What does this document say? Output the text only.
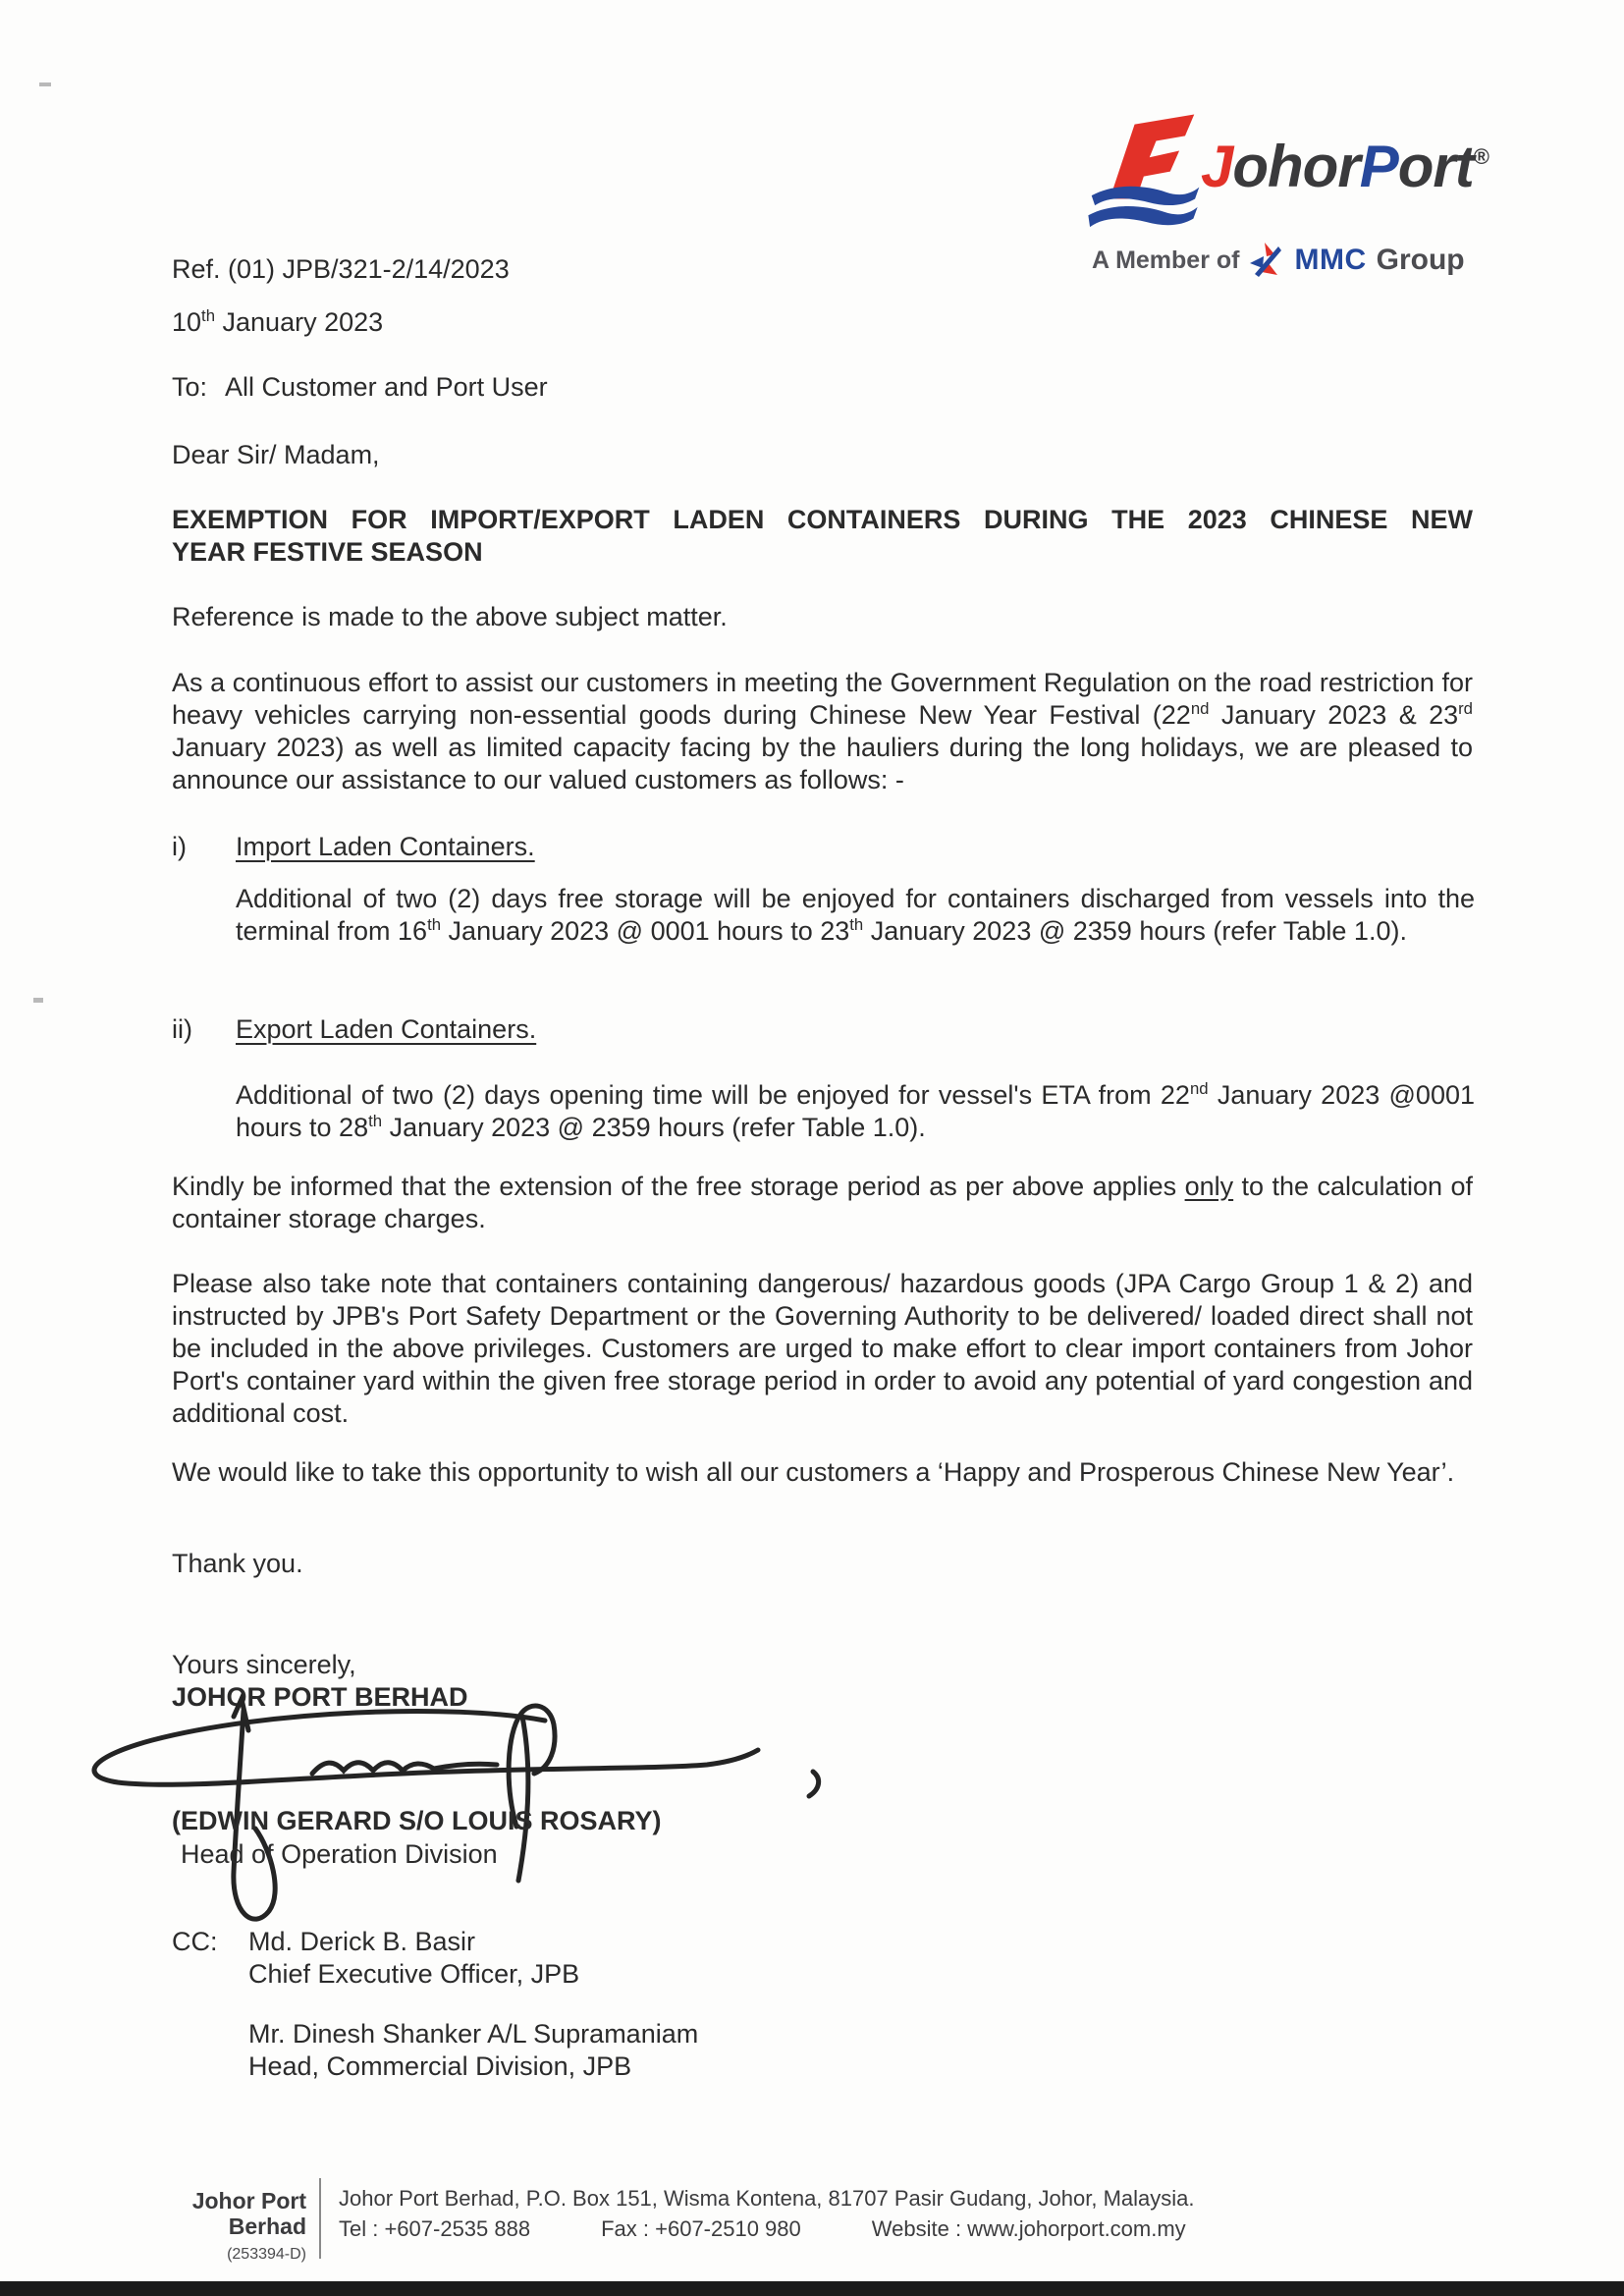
JohorPort®
A Member of MMC Group
Ref. (01) JPB/321-2/14/2023
10th January 2023
To: All Customer and Port User
Dear Sir/ Madam,
EXEMPTION FOR IMPORT/EXPORT LADEN CONTAINERS DURING THE 2023 CHINESE NEW
YEAR FESTIVE SEASON
Reference is made to the above subject matter.
As a continuous effort to assist our customers in meeting the Government Regulation on the road restriction for heavy vehicles carrying non-essential goods during Chinese New Year Festival (22nd January 2023 & 23rd January 2023) as well as limited capacity facing by the hauliers during the long holidays, we are pleased to announce our assistance to our valued customers as follows: -
i)	Import Laden Containers.
Additional of two (2) days free storage will be enjoyed for containers discharged from vessels into the terminal from 16th January 2023 @ 0001 hours to 23th January 2023 @ 2359 hours (refer Table 1.0).
ii)	Export Laden Containers.
Additional of two (2) days opening time will be enjoyed for vessel's ETA from 22nd January 2023 @0001 hours to 28th January 2023 @ 2359 hours (refer Table 1.0).
Kindly be informed that the extension of the free storage period as per above applies only to the calculation of container storage charges.
Please also take note that containers containing dangerous/ hazardous goods (JPA Cargo Group 1 & 2) and instructed by JPB's Port Safety Department or the Governing Authority to be delivered/ loaded direct shall not be included in the above privileges. Customers are urged to make effort to clear import containers from Johor Port's container yard within the given free storage period in order to avoid any potential of yard congestion and additional cost.
We would like to take this opportunity to wish all our customers a ‘Happy and Prosperous Chinese New Year’.
Thank you.
Yours sincerely,
JOHOR PORT BERHAD
(EDWIN GERARD S/O LOUIS ROSARY)
Head of Operation Division
CC:	Md. Derick B. Basir
Chief Executive Officer, JPB
Mr. Dinesh Shanker A/L Supramaniam
Head, Commercial Division, JPB
Johor Port Berhad
(253394-D)
Johor Port Berhad, P.O. Box 151, Wisma Kontena, 81707 Pasir Gudang, Johor, Malaysia.
Tel : +607-2535 888	Fax : +607-2510 980	Website : www.johorport.com.my
